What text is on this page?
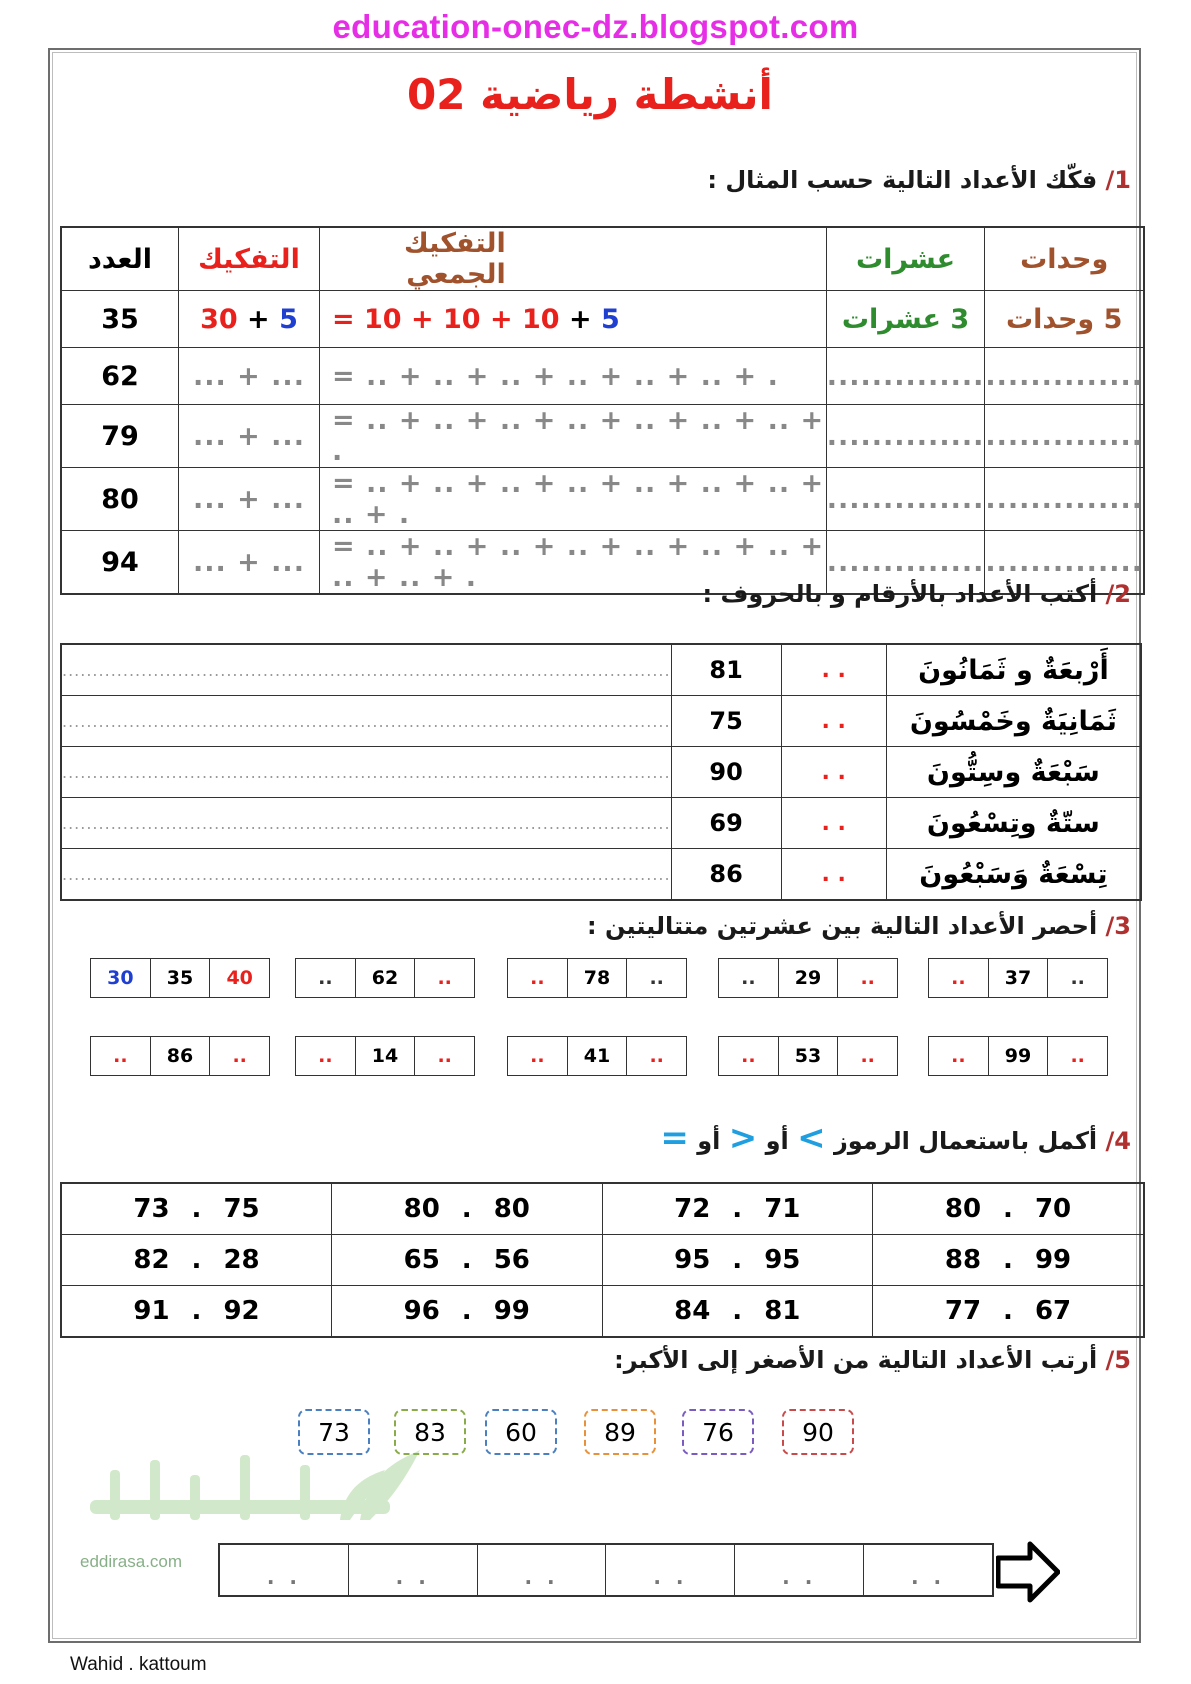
education-onec-dz.blogspot.com
أنشطة رياضية 02
1/ فكّك الأعداد التالية حسب المثال :
العدد	التفكيك	التفكيك الجمعي	عشرات	وحدات
35	30 + 5	= 10 + 10 + 10 + 5	3 عشرات	5 وحدات
62	... + ...	= .. + .. + .. + .. + .. + .. + .	..............	..............
79	... + ...	= .. + .. + .. + .. + .. + .. + .. + .	..............	..............
80	... + ...	= .. + .. + .. + .. + .. + .. + .. + .. + .	..............	..............
94	... + ...	= .. + .. + .. + .. + .. + .. + .. + .. + .. + .	..............	..............
2/ أكتب الأعداد بالأرقام و بالحروف :
....................................................................................................	81	. .	أَرْبعَةٌ و ثَمَانُونَ
....................................................................................................	75	. .	ثَمَانِيَةٌ وخَمْسُونَ
....................................................................................................	90	. .	سَبْعَةٌ وسِتُّونَ
....................................................................................................	69	. .	ستّةٌ وتِسْعُونَ
....................................................................................................	86	. .	تِسْعَةٌ وَسَبْعُونَ
3/ أحصر الأعداد التالية بين عشرتين متتاليتين :
30	35	40	..	62	..	..	78	..	..	29	..	..	37	..
..	86	..	..	14	..	..	41	..	..	53	..	..	99	..
4/ أكمل باستعمال الرموز > أو < أو =
73 . 75	80 . 80	72 . 71	80 . 70

82 . 28	65 . 56	95 . 95	88 . 99

91 . 92	96 . 99	84 . 81	77 . 67
5/ أرتب الأعداد التالية من الأصغر إلى الأكبر:
73	83	60	89	76	90
eddirasa.com
. .	. .	. .	. .	. .	. .
Wahid . kattoum
